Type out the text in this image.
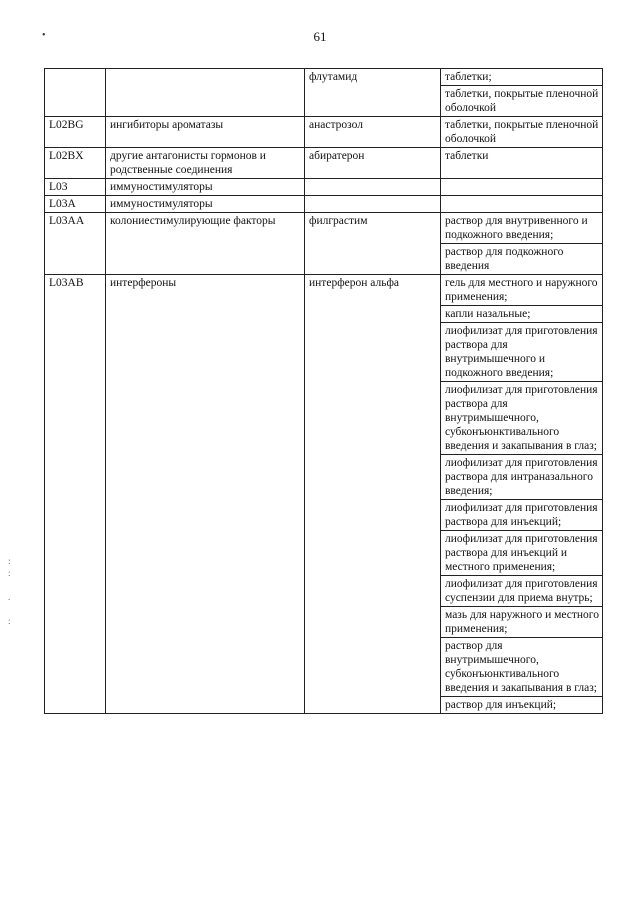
61
•
:
:

.

:
		флутамид	таблетки;
			таблетки, покрытые пленочной оболочкой
L02BG	ингибиторы ароматазы	анастрозол	таблетки, покрытые пленочной оболочкой
L02BX	другие антагонисты гормонов и родственные соединения	абиратерон	таблетки
L03	иммуностимуляторы		
L03A	иммуностимуляторы		
L03AA	колониестимулирующие факторы	филграстим	раствор для внутривенного и подкожного введения;
			раствор для подкожного введения
L03AB	интерфероны	интерферон альфа	гель для местного и наружного применения;
			капли назальные;
			лиофилизат для приготовления раствора для внутримышечного и подкожного введения;
			лиофилизат для приготовления раствора для внутримышечного, субконъюнктивального введения и закапывания в глаз;
			лиофилизат для приготовления раствора для интраназального введения;
			лиофилизат для приготовления раствора для инъекций;
			лиофилизат для приготовления раствора для инъекций и местного применения;
			лиофилизат для приготовления суспензии для приема внутрь;
			мазь для наружного и местного применения;
			раствор для внутримышечного, субконъюнктивального введения и закапывания в глаз;
			раствор для инъекций;
